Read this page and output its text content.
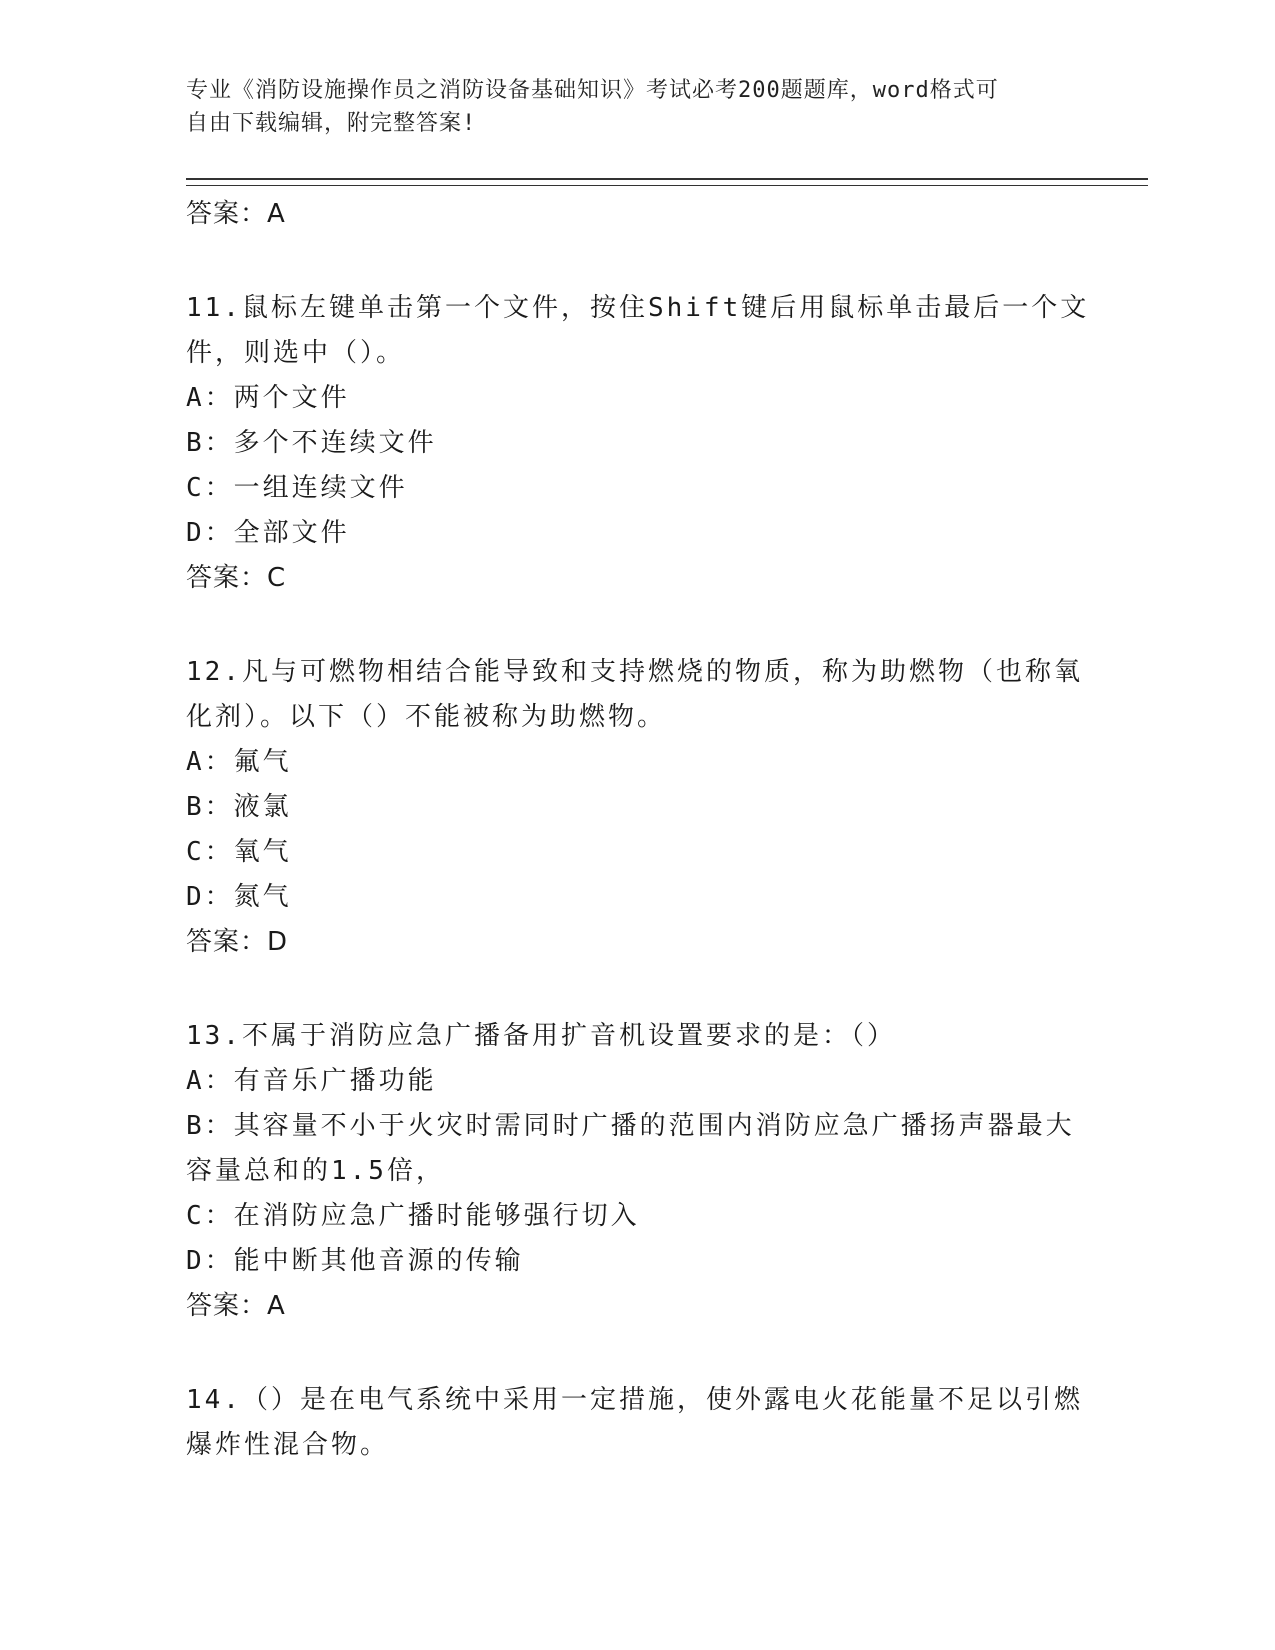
专业《消防设施操作员之消防设备基础知识》考试必考200题题库，word格式可
自由下载编辑，附完整答案!
答案：A
11.鼠标左键单击第一个文件，按住Shift键后用鼠标单击最后一个文
件，则选中（）。
A：两个文件
B：多个不连续文件
C：一组连续文件
D：全部文件
答案：C
12.凡与可燃物相结合能导致和支持燃烧的物质，称为助燃物（也称氧
化剂）。以下（）不能被称为助燃物。
A：氟气
B：液氯
C：氧气
D：氮气
答案：D
13.不属于消防应急广播备用扩音机设置要求的是：（）
A：有音乐广播功能
B：其容量不小于火灾时需同时广播的范围内消防应急广播扬声器最大
容量总和的1.5倍，
C：在消防应急广播时能够强行切入
D：能中断其他音源的传输
答案：A
14.（）是在电气系统中采用一定措施，使外露电火花能量不足以引燃
爆炸性混合物。
